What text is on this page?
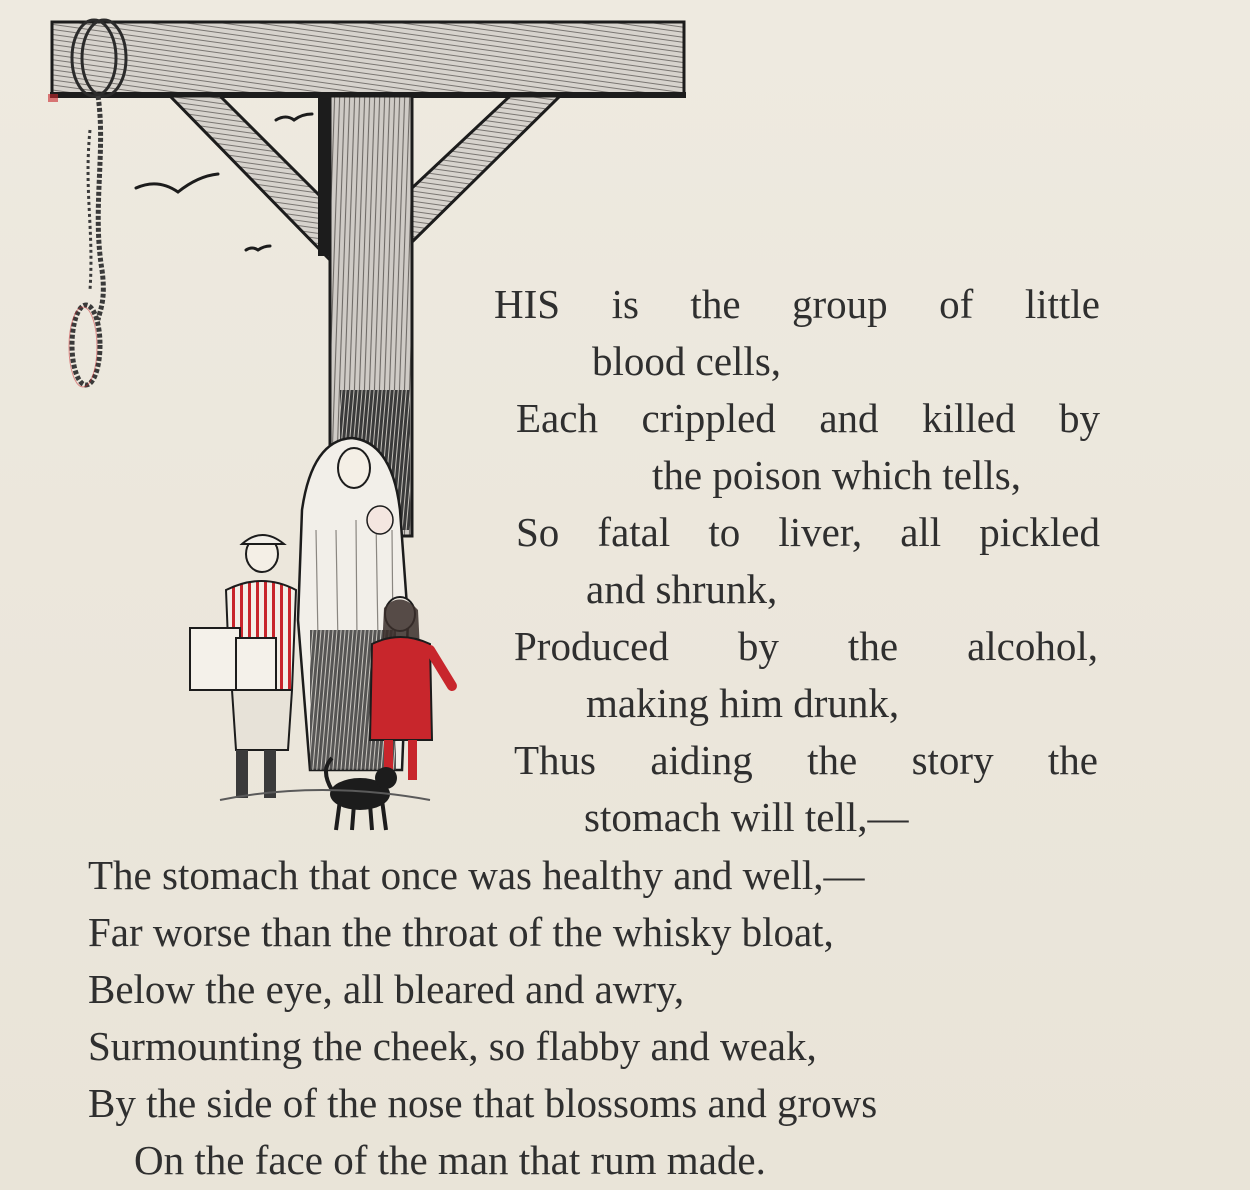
HIS is the group of little
blood cells,
Each crippled and killed by
the poison which tells,
So fatal to liver, all pickled
and shrunk,
Produced by the alcohol,
making him drunk,
Thus aiding the story the
stomach will tell,—
The stomach that once was healthy and well,—
Far worse than the throat of the whisky bloat,
Below the eye, all bleared and awry,
Surmounting the cheek, so flabby and weak,
By the side of the nose that blossoms and grows
On the face of the man that rum made.
